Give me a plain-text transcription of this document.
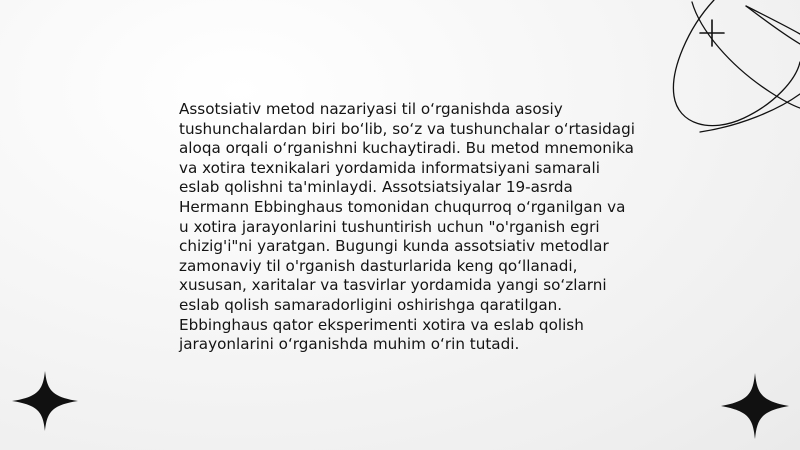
Assotsiativ metod nazariyasi til o‘rganishda asosiy tushunchalardan biri bo‘lib, so‘z va tushunchalar o‘rtasidagi aloqa orqali o‘rganishni kuchaytiradi. Bu metod mnemonika va xotira texnikalari yordamida informatsiyani samarali eslab qolishni ta'minlaydi. Assotsiatsiyalar 19-asrda Hermann Ebbinghaus tomonidan chuqurroq o‘rganilgan va u xotira jarayonlarini tushuntirish uchun "o'rganish egri chizig'i"ni yaratgan. Bugungi kunda assotsiativ metodlar zamonaviy til o'rganish dasturlarida keng qo‘llanadi, xususan, xaritalar va tasvirlar yordamida yangi so‘zlarni eslab qolish samaradorligini oshirishga qaratilgan. Ebbinghaus qator eksperimenti xotira va eslab qolish jarayonlarini o‘rganishda muhim o‘rin tutadi.
